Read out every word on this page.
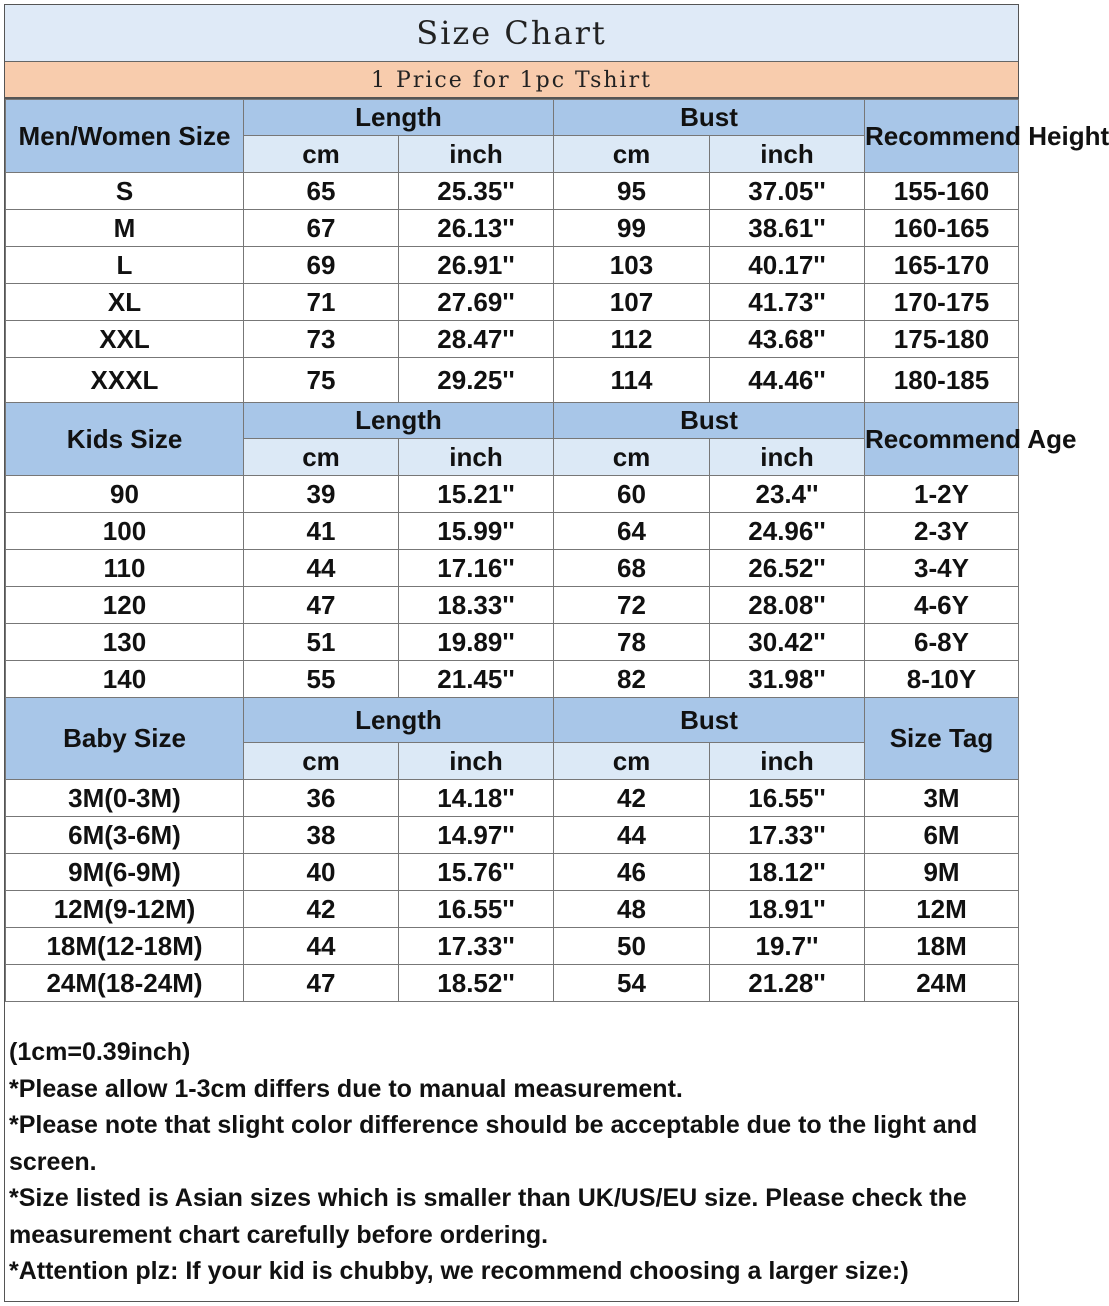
Size Chart
1 Price for 1pc Tshirt
Men/Women Size	Length		Bust		Recommend Height
	cm	inch	cm	inch	
S	65	25.35''	95	37.05''	155-160
M	67	26.13''	99	38.61''	160-165
L	69	26.91''	103	40.17''	165-170
XL	71	27.69''	107	41.73''	170-175
XXL	73	28.47''	112	43.68''	175-180
XXXL	75	29.25''	114	44.46''	180-185
Kids Size	Length		Bust		Recommend Age
	cm	inch	cm	inch	
90	39	15.21''	60	23.4''	1-2Y
100	41	15.99''	64	24.96''	2-3Y
110	44	17.16''	68	26.52''	3-4Y
120	47	18.33''	72	28.08''	4-6Y
130	51	19.89''	78	30.42''	6-8Y
140	55	21.45''	82	31.98''	8-10Y
Baby Size	Length		Bust		Size Tag
	cm	inch	cm	inch	
3M(0-3M)	36	14.18''	42	16.55''	3M
6M(3-6M)	38	14.97''	44	17.33''	6M
9M(6-9M)	40	15.76''	46	18.12''	9M
12M(9-12M)	42	16.55''	48	18.91''	12M
18M(12-18M)	44	17.33''	50	19.7''	18M
24M(18-24M)	47	18.52''	54	21.28''	24M
(1cm=0.39inch)
*Please allow 1-3cm differs due to manual measurement.
*Please note that slight color difference should be acceptable due to the light and screen.
*Size listed is Asian sizes which is smaller than UK/US/EU size. Please check the measurement chart carefully before ordering.
*Attention plz: If your kid is chubby, we recommend choosing a larger size:)
